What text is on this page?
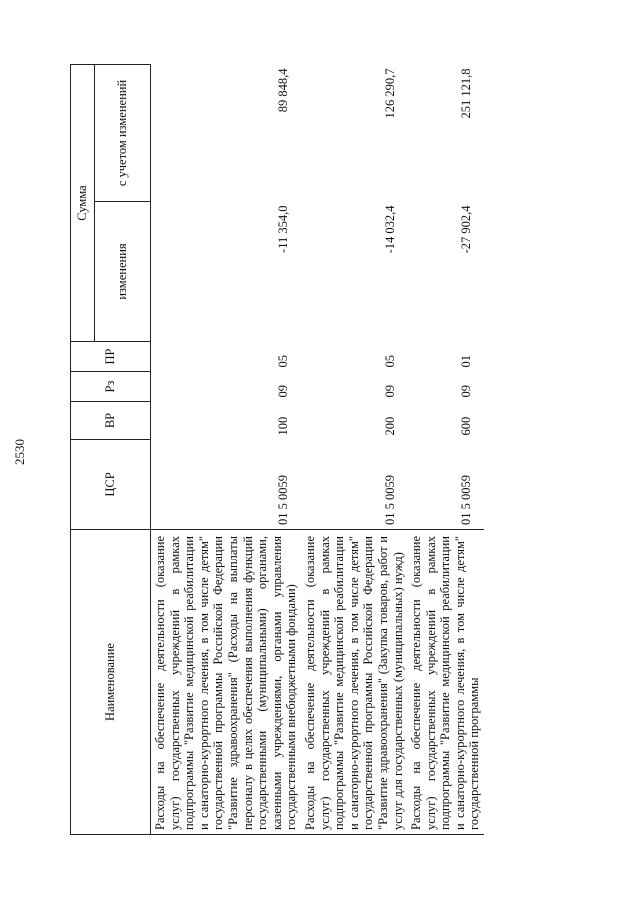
2530
Наименование	ЦСР	ВР	Рз	ПР	Сумма	
					изменения	с учетом изменений
Расходы на обеспечение деятельности (оказание услуг) государственных учреждений в рамках подпрограммы "Развитие медицинской реабилитации и санаторно-курортного лечения, в том числе детям" государственной программы Российской Федерации "Развитие здравоохранения" (Расходы на выплаты персоналу в целях обеспечения выполнения функций государственными (муниципальными) органами, казенными учреждениями, органами управления государственными внебюджетными фондами)	01 5 0059	100	09	05	-11 354,0	89 848,4
Расходы на обеспечение деятельности (оказание услуг) государственных учреждений в рамках подпрограммы "Развитие медицинской реабилитации и санаторно-курортного лечения, в том числе детям" государственной программы Российской Федерации "Развитие здравоохранения" (Закупка товаров, работ и услуг для государственных (муниципальных) нужд)	01 5 0059	200	09	05	-14 032,4	126 290,7
Расходы на обеспечение деятельности (оказание услуг) государственных учреждений в рамках подпрограммы "Развитие медицинской реабилитации и санаторно-курортного лечения, в том числе детям" государственной программы	01 5 0059	600	09	01	-27 902,4	251 121,8
